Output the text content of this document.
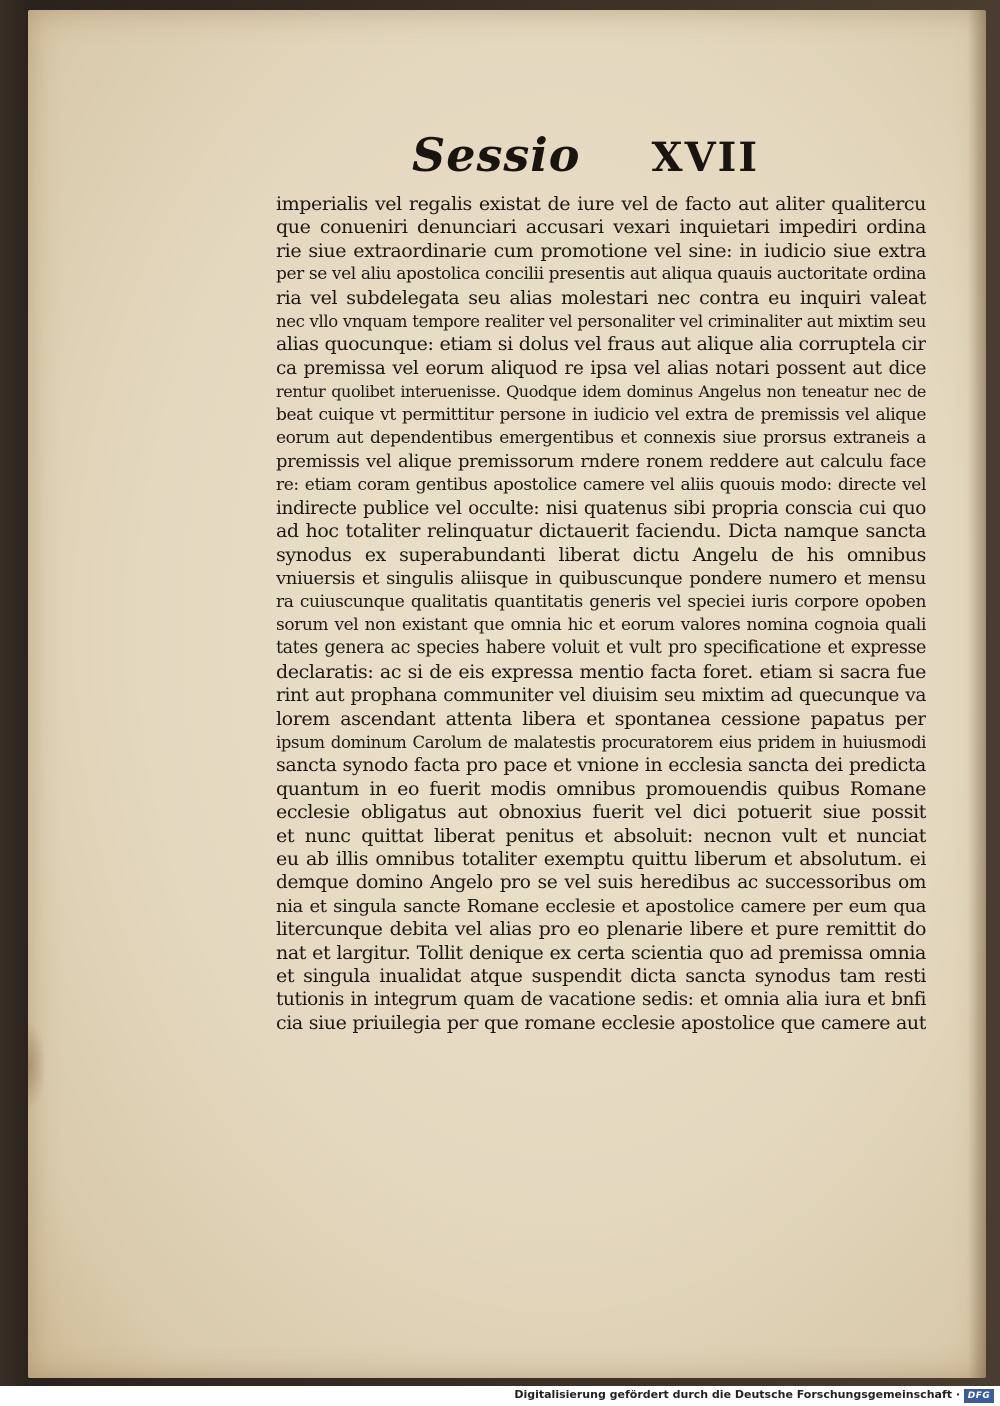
Sessio XVII
imperialis vel regalis existat de iure vel de facto aut aliter qualitercu
que conueniri denunciari accusari vexari inquietari impediri ordina
rie siue extraordinarie cum promotione vel sine: in iudicio siue extra
per se vel aliu apostolica concilii presentis aut aliqua quauis auctoritate ordina
ria vel subdelegata seu alias molestari nec contra eu inquiri valeat
nec vllo vnquam tempore realiter vel personaliter vel criminaliter aut mixtim seu
alias quocunque: etiam si dolus vel fraus aut alique alia corruptela cir
ca premissa vel eorum aliquod re ipsa vel alias notari possent aut dice
rentur quolibet interuenisse. Quodque idem dominus Angelus non teneatur nec de
beat cuique vt permittitur persone in iudicio vel extra de premissis vel alique
eorum aut dependentibus emergentibus et connexis siue prorsus extraneis a
premissis vel alique premissorum rndere ronem reddere aut calculu face
re: etiam coram gentibus apostolice camere vel aliis quouis modo: directe vel
indirecte publice vel occulte: nisi quatenus sibi propria conscia cui quo
ad hoc totaliter relinquatur dictauerit faciendu. Dicta namque sancta
synodus ex superabundanti liberat dictu Angelu de his omnibus
vniuersis et singulis aliisque in quibuscunque pondere numero et mensu
ra cuiuscunque qualitatis quantitatis generis vel speciei iuris corpore opoben
sorum vel non existant que omnia hic et eorum valores nomina cognoia quali
tates genera ac species habere voluit et vult pro specificatione et expresse
declaratis: ac si de eis expressa mentio facta foret. etiam si sacra fue
rint aut prophana communiter vel diuisim seu mixtim ad quecunque va
lorem ascendant attenta libera et spontanea cessione papatus per
ipsum dominum Carolum de malatestis procuratorem eius pridem in huiusmodi
sancta synodo facta pro pace et vnione in ecclesia sancta dei predicta
quantum in eo fuerit modis omnibus promouendis quibus Romane
ecclesie obligatus aut obnoxius fuerit vel dici potuerit siue possit
et nunc quittat liberat penitus et absoluit: necnon vult et nunciat
eu ab illis omnibus totaliter exemptu quittu liberum et absolutum. ei
demque domino Angelo pro se vel suis heredibus ac successoribus om
nia et singula sancte Romane ecclesie et apostolice camere per eum qua
litercunque debita vel alias pro eo plenarie libere et pure remittit do
nat et largitur. Tollit denique ex certa scientia quo ad premissa omnia
et singula inualidat atque suspendit dicta sancta synodus tam resti
tutionis in integrum quam de vacatione sedis: et omnia alia iura et bnfi
cia siue priuilegia per que romane ecclesie apostolice que camere aut
Digitalisierung gefördert durch die Deutsche Forschungsgemeinschaft · DFG
